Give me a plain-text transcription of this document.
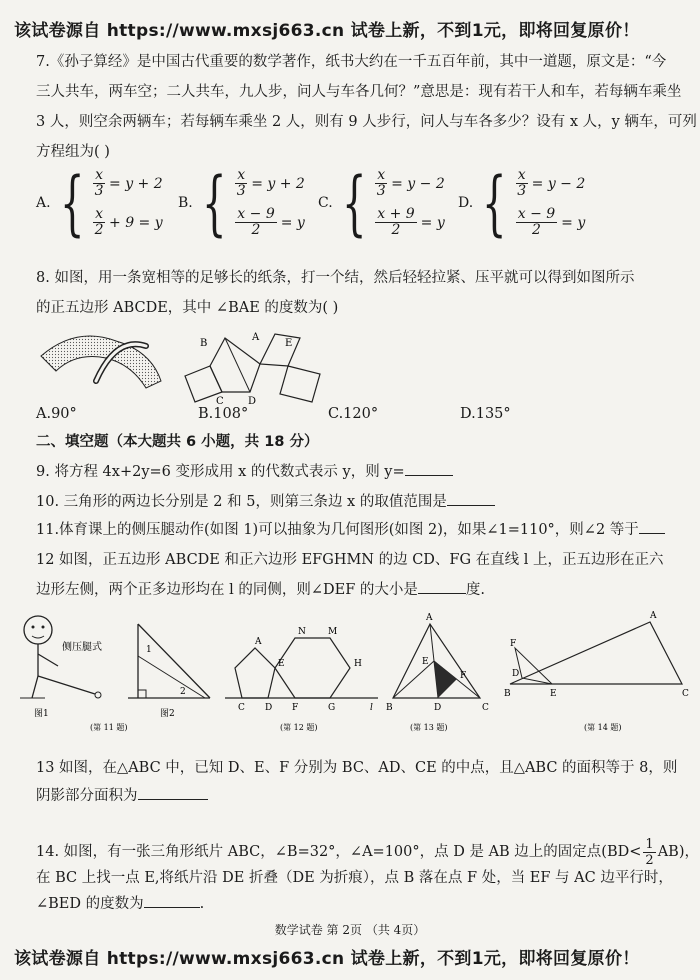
该试卷源自 https://www.mxsj663.cn 试卷上新，不到1元，即将回复原价！
7.《孙子算经》是中国古代重要的数学著作，纸书大约在一千五百年前，其中一道题，原文是：“今
三人共车，两车空；二人共车，九人步，问人与车各几何？”意思是：现有若干人和车，若每辆车乘坐
3 人，则空余两辆车；若每辆车乘坐 2 人，则有 9 人步行，问人与车各多少？设有 x 人，y 辆车，可列
方程组为( )
A. { $\frac{x}{3} = y + 2$
$\frac{x}{2} + 9 = y$
B. { $\frac{x}{3} = y + 2$
$\frac{x - 9}{2} = y$
C. { $\frac{x}{3} = y - 2$
$\frac{x + 9}{2} = y$
D. { $\frac{x}{3} = y - 2$
$\frac{x - 9}{2} = y$
8. 如图，用一条宽相等的足够长的纸条，打一个结，然后轻轻拉紧、压平就可以得到如图所示
的正五边形 ABCDE，其中 ∠BAE 的度数为( )
A
B
C D
E
A.90°	B.108°	C.120°	D.135°
二、填空题（本大题共 6 小题，共 18 分）
9. 将方程 4x+2y=6 变形成用 x 的代数式表示 y，则 y=
10. 三角形的两边长分别是 2 和 5，则第三条边 x 的取值范围是
11.体育课上的侧压腿动作(如图 1)可以抽象为几何图形(如图 2)，如果∠1=110°，则∠2 等于
12 如图，正五边形 ABCDE 和正六边形 EFGHMN 的边 CD、FG 在直线 l 上，正五边形在正六
边形左侧，两个正多边形均在 l 的同侧，则∠DEF 的大小是	度.
侧压腿式
图1
1
2
图2
(第 11 题)
A
C D
E
F	G
H
M
N
l
(第 12 题)
A
B	D	C
E
F
(第 13 题)
B
A
C
D
E
F
(第 14 题)
13 如图，在△ABC 中，已知 D、E、F 分别为 BC、AD、CE 的中点，且△ABC 的面积等于 8，则
阴影部分面积为
14. 如图，有一张三角形纸片 ABC，∠B=32°，∠A=100°，点 D 是 AB 边上的固定点$(BD< \frac{1}{2} AB)$，
在 BC 上找一点 E,将纸片沿 DE 折叠（DE 为折痕），点 B 落在点 F 处，当 EF 与 AC 边平行时，
∠BED 的度数为	.
数学试卷 第 2页 （共 4页）
该试卷源自 https://www.mxsj663.cn 试卷上新，不到1元，即将回复原价！
